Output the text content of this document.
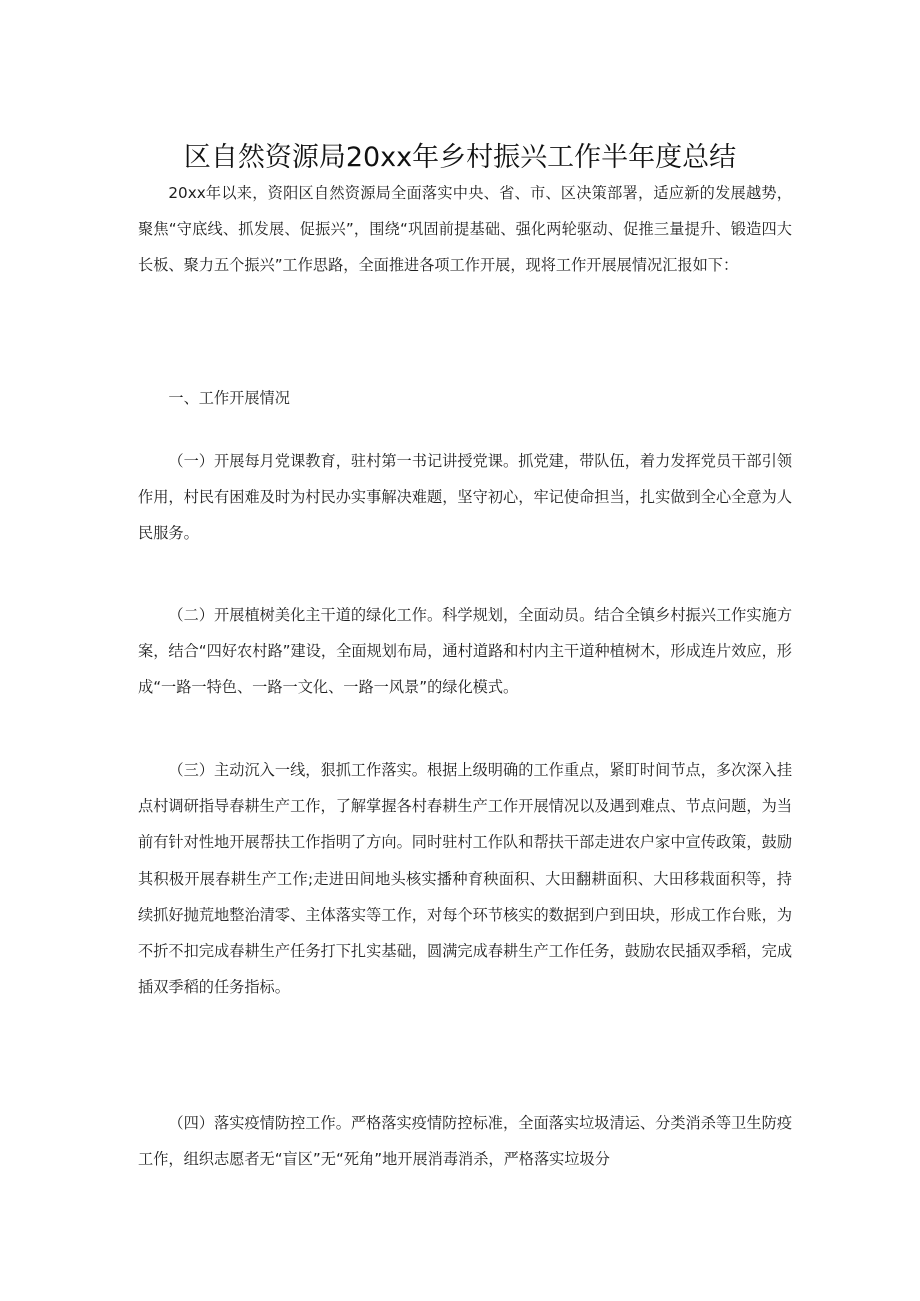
区自然资源局20xx年乡村振兴工作半年度总结

20xx年以来，资阳区自然资源局全面落实中央、省、市、区决策部署，适应新的发展越势，聚焦“守底线、抓发展、促振兴”，围绕“巩固前提基础、强化两轮驱动、促推三量提升、锻造四大长板、聚力五个振兴”工作思路，全面推进各项工作开展，现将工作开展展情况汇报如下：

一、工作开展情况

（一）开展每月党课教育，驻村第一书记讲授党课。抓党建，带队伍，着力发挥党员干部引领作用，村民有困难及时为村民办实事解决难题，坚守初心，牢记使命担当，扎实做到全心全意为人民服务。

（二）开展植树美化主干道的绿化工作。科学规划，全面动员。结合全镇乡村振兴工作实施方案，结合“四好农村路”建设，全面规划布局，通村道路和村内主干道种植树木，形成连片效应，形成“一路一特色、一路一文化、一路一风景”的绿化模式。

（三）主动沉入一线，狠抓工作落实。根据上级明确的工作重点，紧盯时间节点，多次深入挂点村调研指导春耕生产工作，了解掌握各村春耕生产工作开展情况以及遇到难点、节点问题，为当前有针对性地开展帮扶工作指明了方向。同时驻村工作队和帮扶干部走进农户家中宣传政策，鼓励其积极开展春耕生产工作;走进田间地头核实播种育秧面积、大田翻耕面积、大田移栽面积等，持续抓好抛荒地整治清零、主体落实等工作，对每个环节核实的数据到户到田块，形成工作台账，为不折不扣完成春耕生产任务打下扎实基础，圆满完成春耕生产工作任务，鼓励农民插双季稻，完成插双季稻的任务指标。

（四）落实疫情防控工作。严格落实疫情防控标准，全面落实垃圾清运、分类消杀等卫生防疫工作，组织志愿者无“盲区”无“死角”地开展消毒消杀，严格落实垃圾分
